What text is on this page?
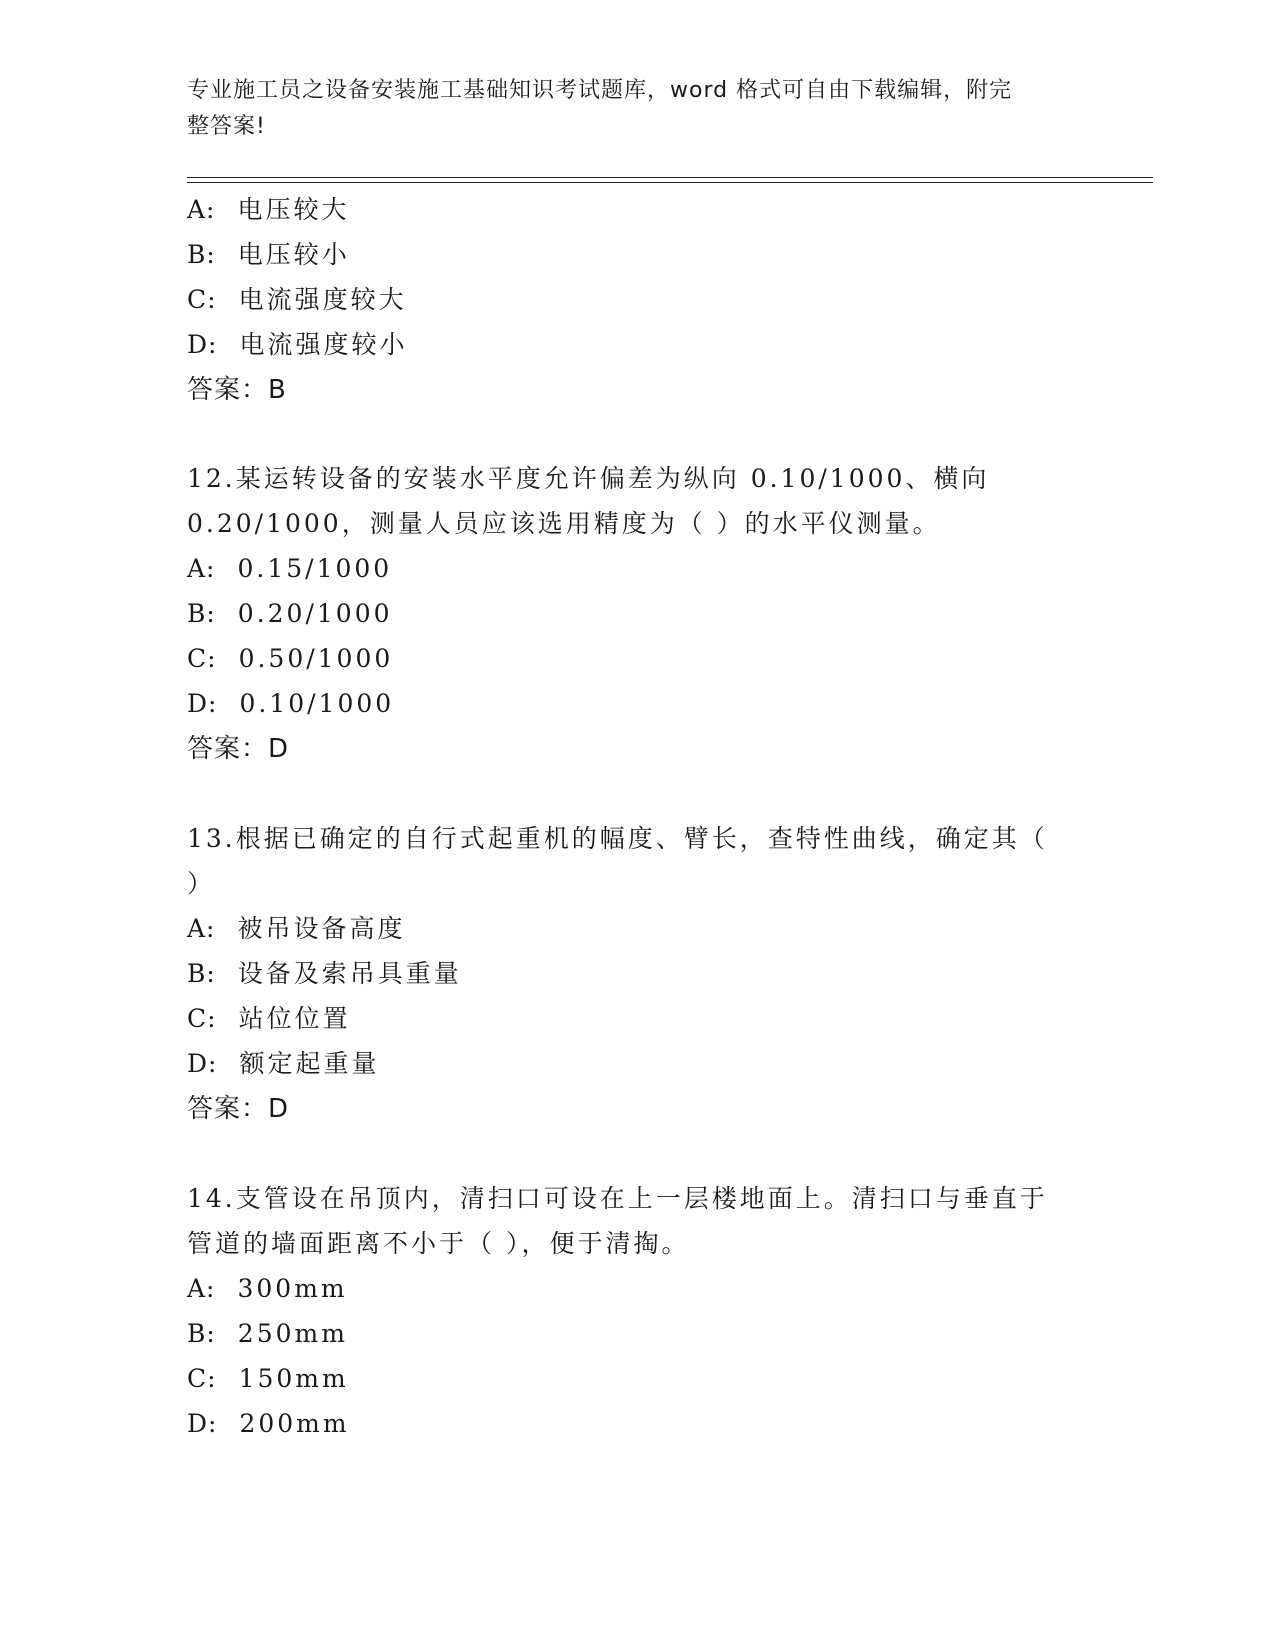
专业施工员之设备安装施工基础知识考试题库，word 格式可自由下载编辑，附完
整答案!
A: 电压较大
B: 电压较小
C: 电流强度较大
D: 电流强度较小
答案：B
12.某运转设备的安装水平度允许偏差为纵向 0.10/1000、横向
0.20/1000，测量人员应该选用精度为（ ）的水平仪测量。
A: 0.15/1000
B: 0.20/1000
C: 0.50/1000
D: 0.10/1000
答案：D
13.根据已确定的自行式起重机的幅度、臂长，查特性曲线，确定其（
）
A: 被吊设备高度
B: 设备及索吊具重量
C: 站位位置
D: 额定起重量
答案：D
14.支管设在吊顶内，清扫口可设在上一层楼地面上。清扫口与垂直于
管道的墙面距离不小于（ ），便于清掏。
A: 300mm
B: 250mm
C: 150mm
D: 200mm
